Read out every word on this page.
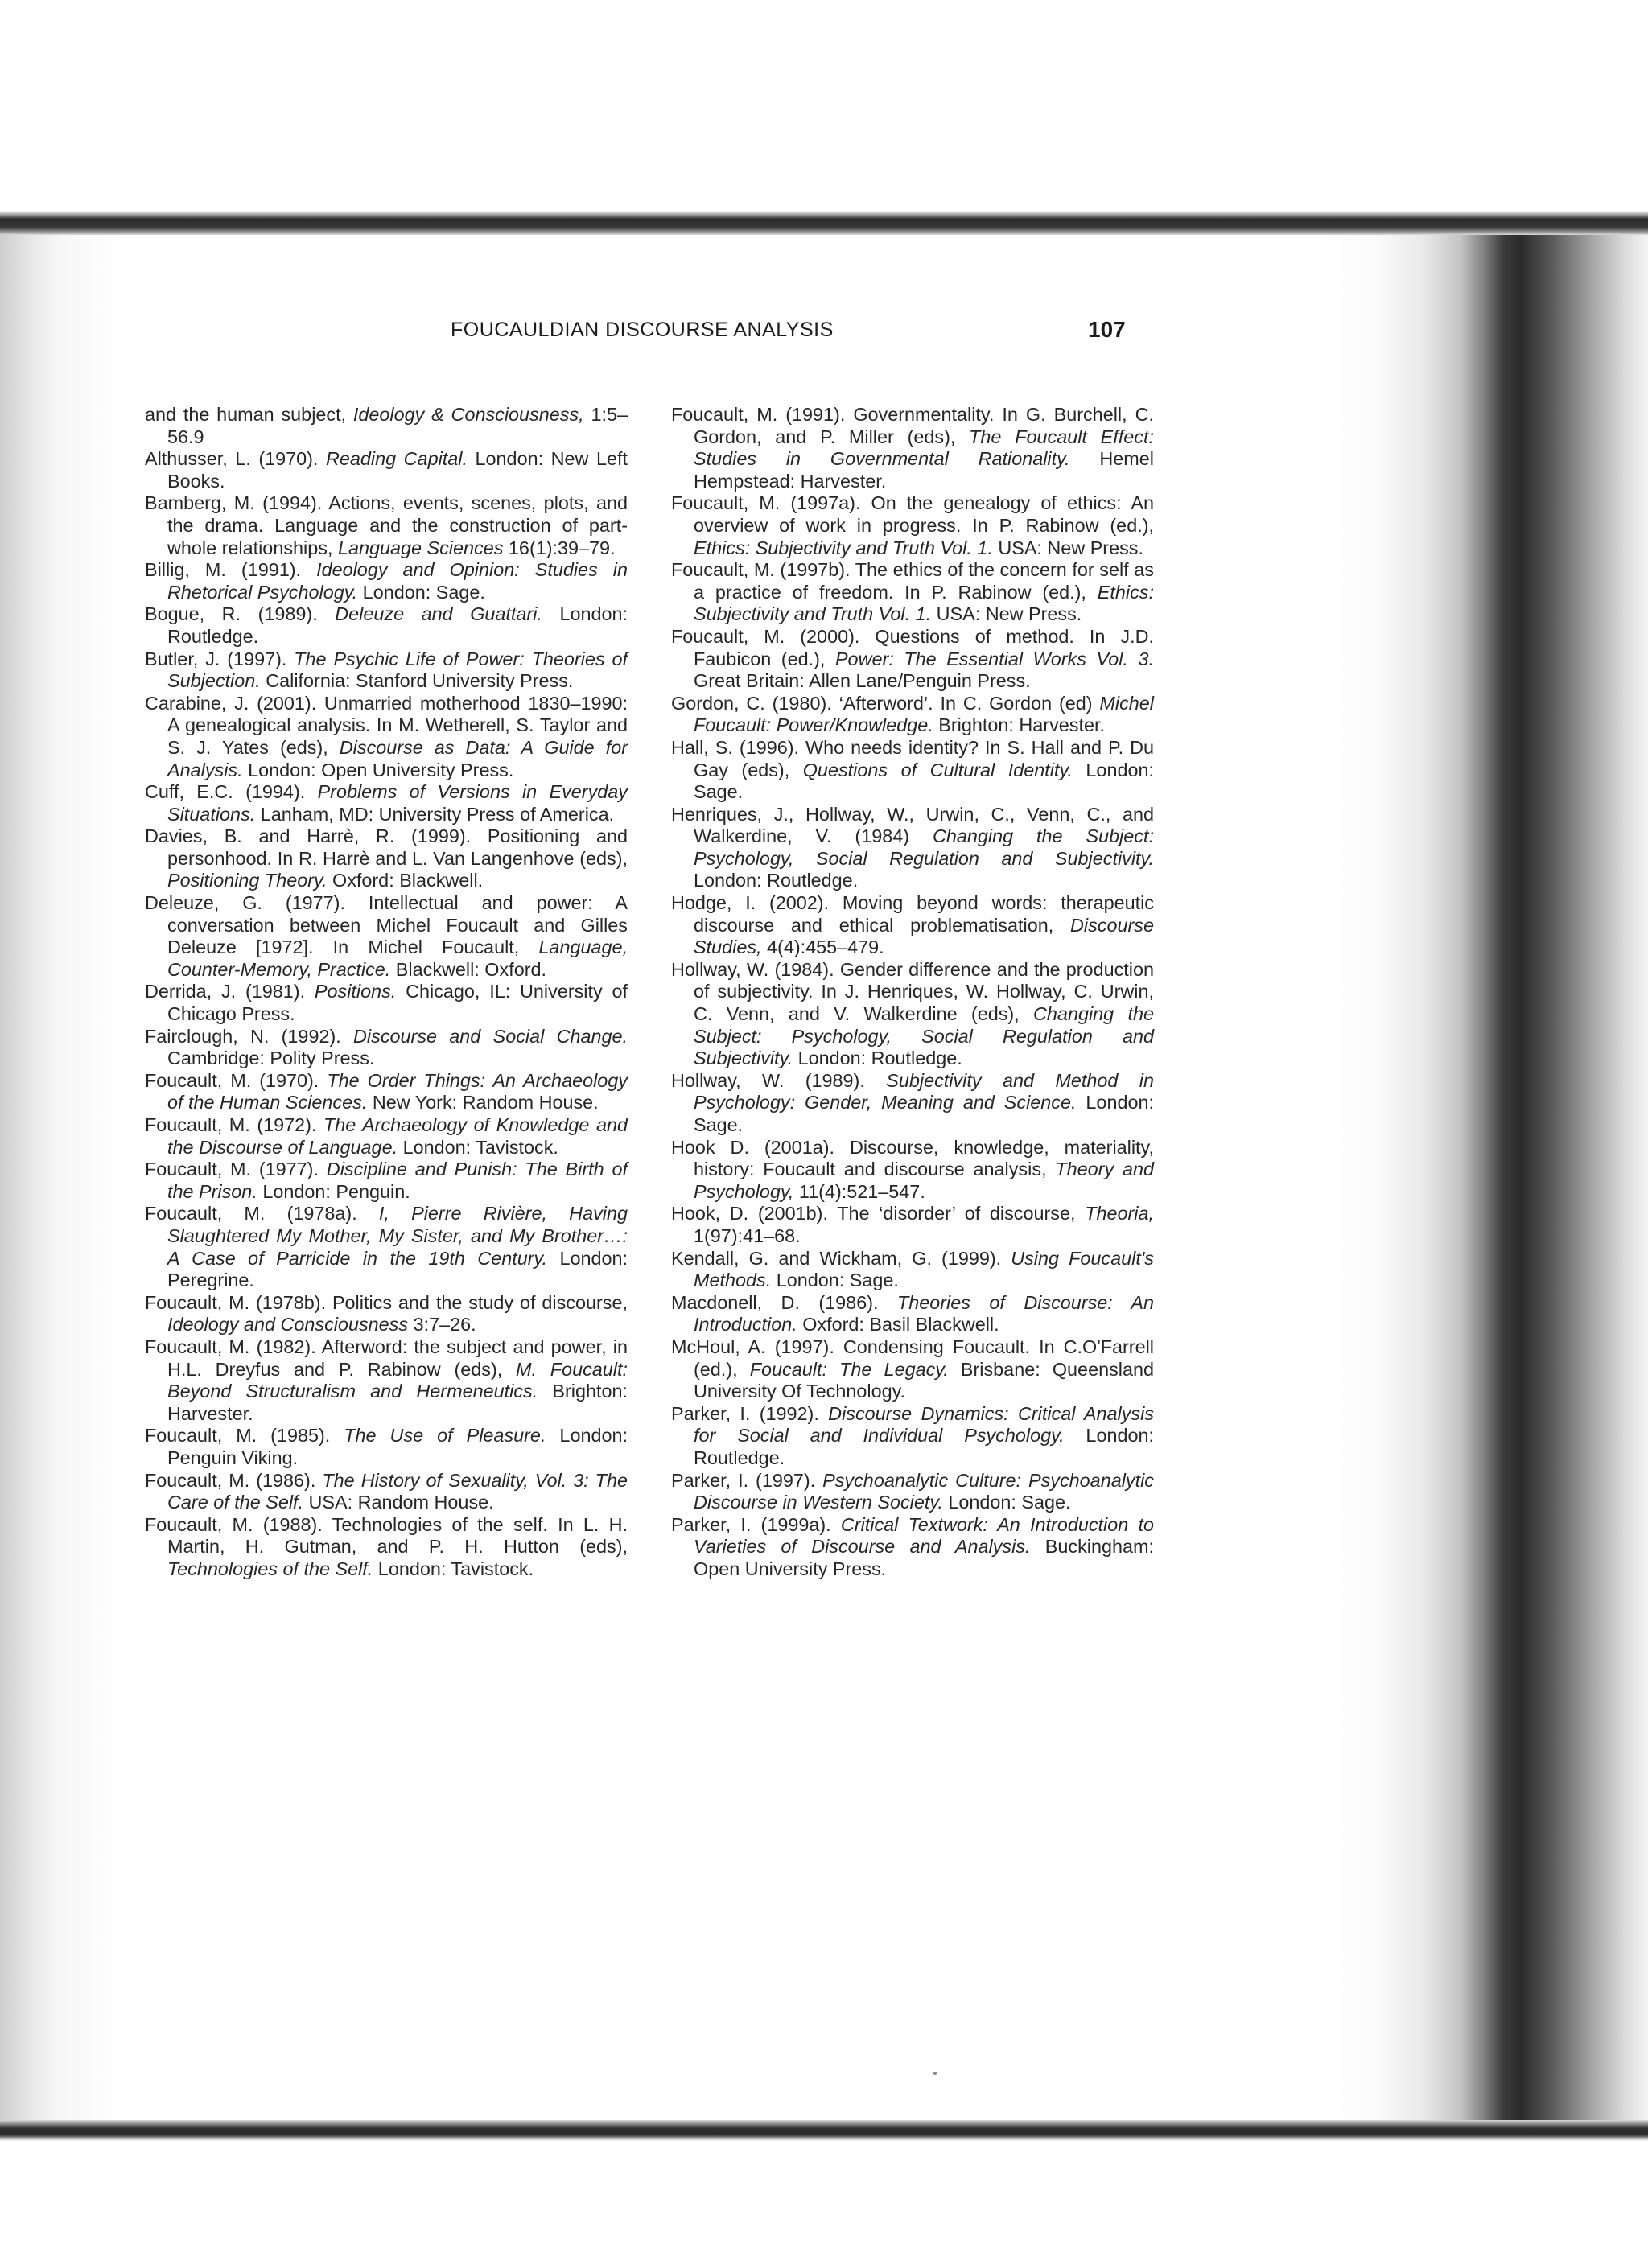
FOUCAULDIAN DISCOURSE ANALYSIS	107

and the human subject, Ideology & Consciousness, 1:5–56.9

Althusser, L. (1970). Reading Capital. London: New Left Books.

Bamberg, M. (1994). Actions, events, scenes, plots, and the drama. Language and the construction of part-whole relationships, Language Sciences 16(1):39–79.

Billig, M. (1991). Ideology and Opinion: Studies in Rhetorical Psychology. London: Sage.

Bogue, R. (1989). Deleuze and Guattari. London: Routledge.

Butler, J. (1997). The Psychic Life of Power: Theories of Subjection. California: Stanford University Press.

Carabine, J. (2001). Unmarried motherhood 1830–1990: A genealogical analysis. In M. Wetherell, S. Taylor and S. J. Yates (eds), Discourse as Data: A Guide for Analysis. London: Open University Press.

Cuff, E.C. (1994). Problems of Versions in Everyday Situations. Lanham, MD: University Press of America.

Davies, B. and Harrè, R. (1999). Positioning and personhood. In R. Harrè and L. Van Langenhove (eds), Positioning Theory. Oxford: Blackwell.

Deleuze, G. (1977). Intellectual and power: A conversation between Michel Foucault and Gilles Deleuze [1972]. In Michel Foucault, Language, Counter-Memory, Practice. Blackwell: Oxford.

Derrida, J. (1981). Positions. Chicago, IL: University of Chicago Press.

Fairclough, N. (1992). Discourse and Social Change. Cambridge: Polity Press.

Foucault, M. (1970). The Order Things: An Archaeology of the Human Sciences. New York: Random House.

Foucault, M. (1972). The Archaeology of Knowledge and the Discourse of Language. London: Tavistock.

Foucault, M. (1977). Discipline and Punish: The Birth of the Prison. London: Penguin.

Foucault, M. (1978a). I, Pierre Rivière, Having Slaughtered My Mother, My Sister, and My Brother…: A Case of Parricide in the 19th Century. London: Peregrine.

Foucault, M. (1978b). Politics and the study of discourse, Ideology and Consciousness 3:7–26.

Foucault, M. (1982). Afterword: the subject and power, in H.L. Dreyfus and P. Rabinow (eds), M. Foucault: Beyond Structuralism and Hermeneutics. Brighton: Harvester.

Foucault, M. (1985). The Use of Pleasure. London: Penguin Viking.

Foucault, M. (1986). The History of Sexuality, Vol. 3: The Care of the Self. USA: Random House.

Foucault, M. (1988). Technologies of the self. In L. H. Martin, H. Gutman, and P. H. Hutton (eds), Technologies of the Self. London: Tavistock.

Foucault, M. (1991). Governmentality. In G. Burchell, C. Gordon, and P. Miller (eds), The Foucault Effect: Studies in Governmental Rationality. Hemel Hempstead: Harvester.

Foucault, M. (1997a). On the genealogy of ethics: An overview of work in progress. In P. Rabinow (ed.), Ethics: Subjectivity and Truth Vol. 1. USA: New Press.

Foucault, M. (1997b). The ethics of the concern for self as a practice of freedom. In P. Rabinow (ed.), Ethics: Subjectivity and Truth Vol. 1. USA: New Press.

Foucault, M. (2000). Questions of method. In J.D. Faubicon (ed.), Power: The Essential Works Vol. 3. Great Britain: Allen Lane/Penguin Press.

Gordon, C. (1980). ‘Afterword’. In C. Gordon (ed) Michel Foucault: Power/Knowledge. Brighton: Harvester.

Hall, S. (1996). Who needs identity? In S. Hall and P. Du Gay (eds), Questions of Cultural Identity. London: Sage.

Henriques, J., Hollway, W., Urwin, C., Venn, C., and Walkerdine, V. (1984) Changing the Subject: Psychology, Social Regulation and Subjectivity. London: Routledge.

Hodge, I. (2002). Moving beyond words: therapeutic discourse and ethical problematisation, Discourse Studies, 4(4):455–479.

Hollway, W. (1984). Gender difference and the production of subjectivity. In J. Henriques, W. Hollway, C. Urwin, C. Venn, and V. Walkerdine (eds), Changing the Subject: Psychology, Social Regulation and Subjectivity. London: Routledge.

Hollway, W. (1989). Subjectivity and Method in Psychology: Gender, Meaning and Science. London: Sage.

Hook D. (2001a). Discourse, knowledge, materiality, history: Foucault and discourse analysis, Theory and Psychology, 11(4):521–547.

Hook, D. (2001b). The ‘disorder’ of discourse, Theoria, 1(97):41–68.

Kendall, G. and Wickham, G. (1999). Using Foucault's Methods. London: Sage.

Macdonell, D. (1986). Theories of Discourse: An Introduction. Oxford: Basil Blackwell.

McHoul, A. (1997). Condensing Foucault. In C.O'Farrell (ed.), Foucault: The Legacy. Brisbane: Queensland University Of Technology.

Parker, I. (1992). Discourse Dynamics: Critical Analysis for Social and Individual Psychology. London: Routledge.

Parker, I. (1997). Psychoanalytic Culture: Psychoanalytic Discourse in Western Society. London: Sage.

Parker, I. (1999a). Critical Textwork: An Introduction to Varieties of Discourse and Analysis. Buckingham: Open University Press.
